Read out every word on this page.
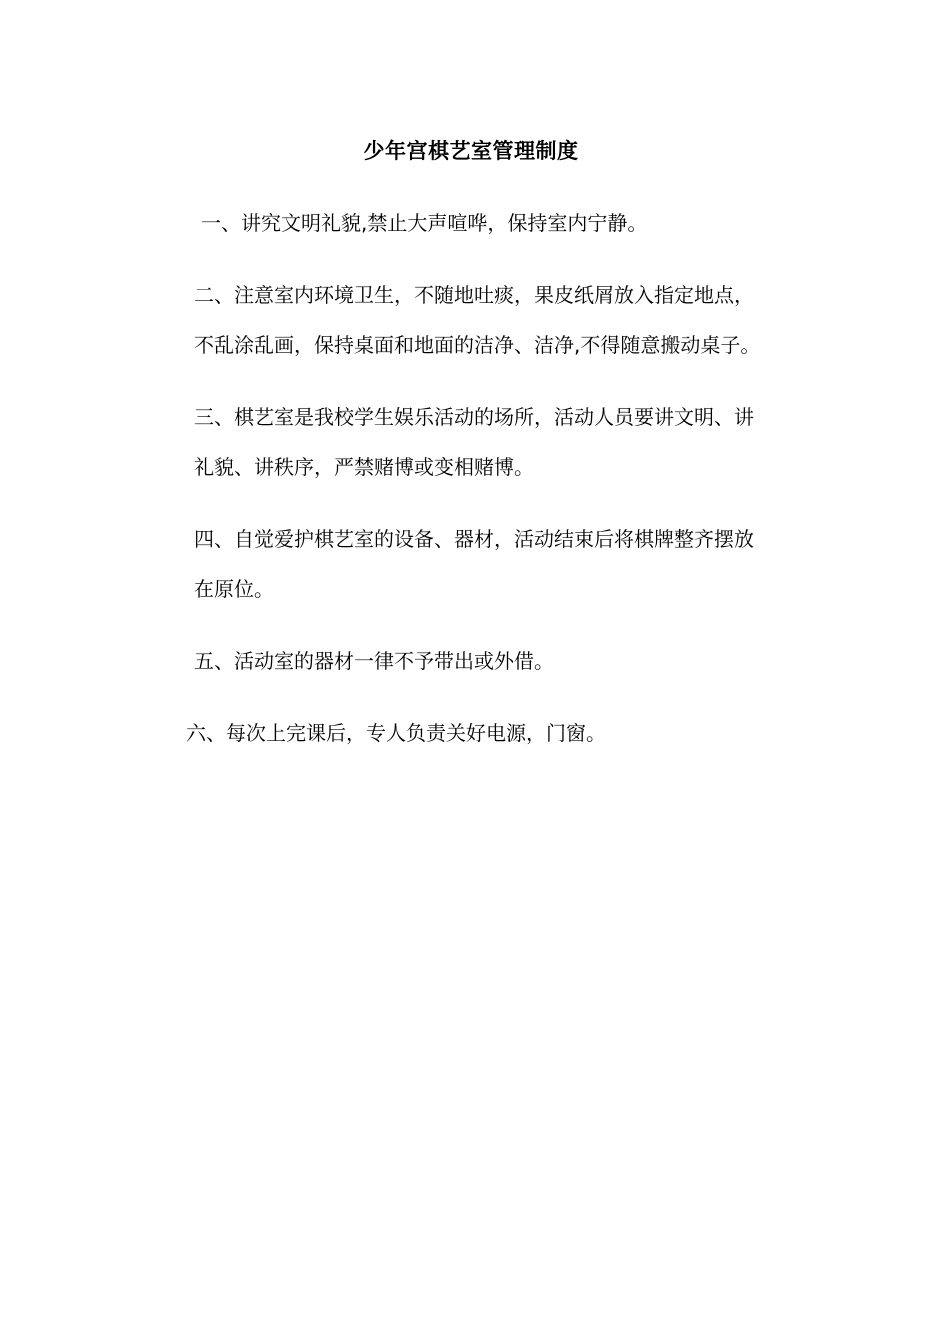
少年宫棋艺室管理制度
一、讲究文明礼貌,禁止大声喧哗，保持室内宁静。
二、注意室内环境卫生，不随地吐痰，果皮纸屑放入指定地点，
不乱涂乱画，保持桌面和地面的洁净、洁净,不得随意搬动桌子。
三、棋艺室是我校学生娱乐活动的场所，活动人员要讲文明、讲
礼貌、讲秩序，严禁赌博或变相赌博。
四、自觉爱护棋艺室的设备、器材，活动结束后将棋牌整齐摆放
在原位。
五、活动室的器材一律不予带出或外借。
六、每次上完课后，专人负责关好电源，门窗。
